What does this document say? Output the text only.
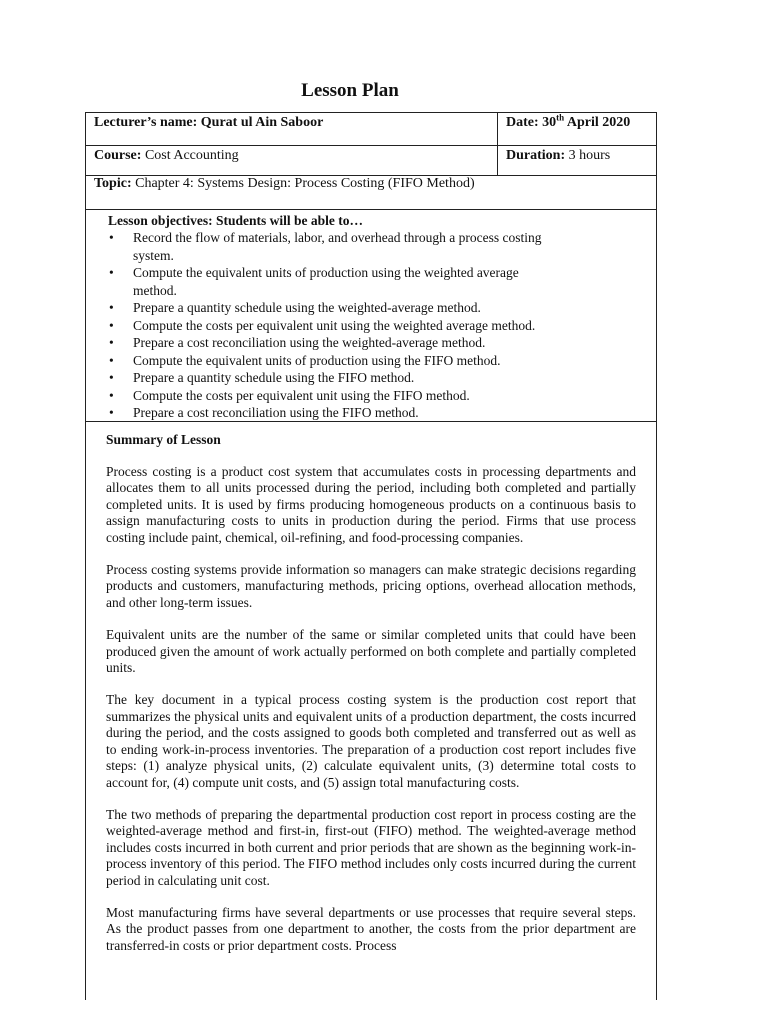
Lesson Plan
Lecturer’s name: Qurat ul Ain Saboor	Date: 30th April 2020
Course: Cost Accounting	Duration: 3 hours
Topic: Chapter 4: Systems Design: Process Costing (FIFO Method)
Lesson objectives: Students will be able to…
• Record the flow of materials, labor, and overhead through a process costing system.
• Compute the equivalent units of production using the weighted average method.
• Prepare a quantity schedule using the weighted-average method.
• Compute the costs per equivalent unit using the weighted average method.
• Prepare a cost reconciliation using the weighted-average method.
• Compute the equivalent units of production using the FIFO method.
• Prepare a quantity schedule using the FIFO method.
• Compute the costs per equivalent unit using the FIFO method.
• Prepare a cost reconciliation using the FIFO method.
Summary of Lesson

Process costing is a product cost system that accumulates costs in processing departments and allocates them to all units processed during the period, including both completed and partially completed units. It is used by firms producing homogeneous products on a continuous basis to assign manufacturing costs to units in production during the period. Firms that use process costing include paint, chemical, oil-refining, and food-processing companies.

Process costing systems provide information so managers can make strategic decisions regarding products and customers, manufacturing methods, pricing options, overhead allocation methods, and other long-term issues.

Equivalent units are the number of the same or similar completed units that could have been produced given the amount of work actually performed on both complete and partially completed units.

The key document in a typical process costing system is the production cost report that summarizes the physical units and equivalent units of a production department, the costs incurred during the period, and the costs assigned to goods both completed and transferred out as well as to ending work-in-process inventories. The preparation of a production cost report includes five steps: (1) analyze physical units, (2) calculate equivalent units, (3) determine total costs to account for, (4) compute unit costs, and (5) assign total manufacturing costs.

The two methods of preparing the departmental production cost report in process costing are the weighted-average method and first-in, first-out (FIFO) method. The weighted-average method includes costs incurred in both current and prior periods that are shown as the beginning work-in-process inventory of this period. The FIFO method includes only costs incurred during the current period in calculating unit cost.

Most manufacturing firms have several departments or use processes that require several steps. As the product passes from one department to another, the costs from the prior department are transferred-in costs or prior department costs. Process
